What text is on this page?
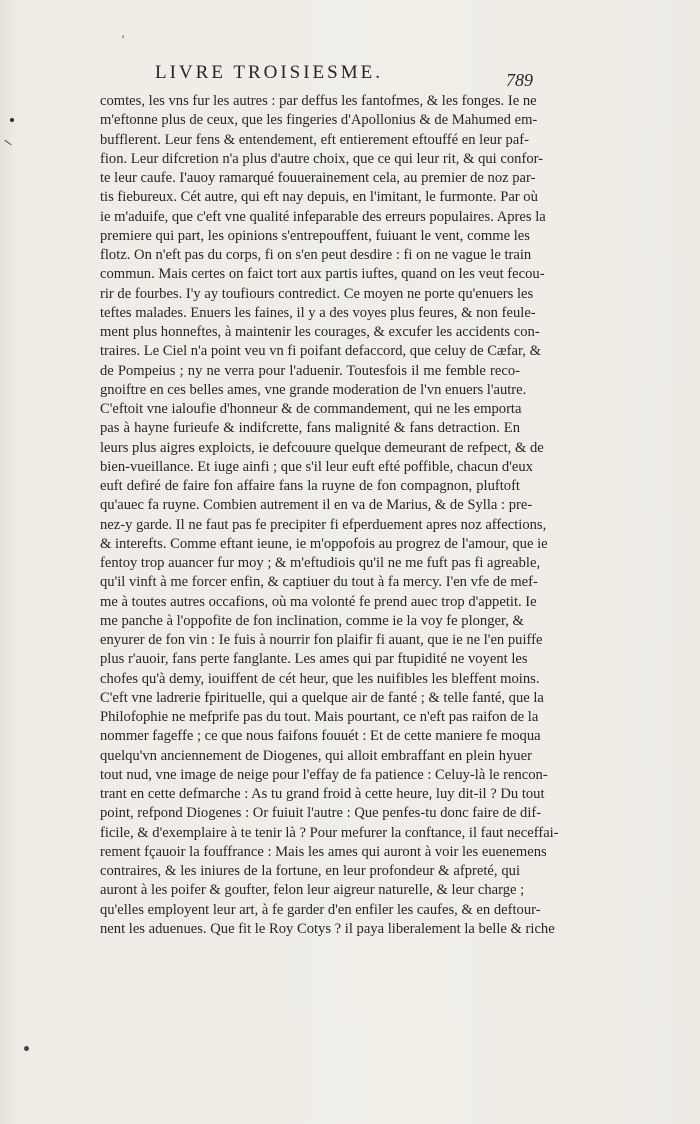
'
LIVRE TROISIESME.	789
comtes, les vns fur les autres : par deffus les fantofmes, & les fonges. Ie ne
m'eftonne plus de ceux, que les fingeries d'Apollonius & de Mahumed em-
bufflerent. Leur fens & entendement, eft entierement eftouffé en leur paf-
fion. Leur difcretion n'a plus d'autre choix, que ce qui leur rit, & qui confor-
te leur caufe. I'auoy ramarqué fouuerainement cela, au premier de noz par-
tis fiebureux. Cét autre, qui eft nay depuis, en l'imitant, le furmonte. Par où
ie m'aduife, que c'eft vne qualité infeparable des erreurs populaires. Apres la
premiere qui part, les opinions s'entrepouffent, fuiuant le vent, comme les
flotz. On n'eft pas du corps, fi on s'en peut desdire : fi on ne vague le train
commun. Mais certes on faict tort aux partis iuftes, quand on les veut fecou-
rir de fourbes. I'y ay toufiours contredict. Ce moyen ne porte qu'enuers les
teftes malades. Enuers les faines, il y a des voyes plus feures, & non feule-
ment plus honneftes, à maintenir les courages, & excufer les accidents con-
traires. Le Ciel n'a point veu vn fi poifant defaccord, que celuy de Cæfar, &
de Pompeius ; ny ne verra pour l'aduenir. Toutesfois il me femble reco-
gnoiftre en ces belles ames, vne grande moderation de l'vn enuers l'autre.
C'eftoit vne ialoufie d'honneur & de commandement, qui ne les emporta
pas à hayne furieufe & indifcrette, fans malignité & fans detraction. En
leurs plus aigres exploicts, ie defcouure quelque demeurant de refpect, & de
bien-vueillance. Et iuge ainfi ; que s'il leur euft efté poffible, chacun d'eux
euft defiré de faire fon affaire fans la ruyne de fon compagnon, pluftoft
qu'auec fa ruyne. Combien autrement il en va de Marius, & de Sylla : pre-
nez-y garde. Il ne faut pas fe precipiter fi efperduement apres noz affections,
& interefts. Comme eftant ieune, ie m'oppofois au progrez de l'amour, que ie
fentoy trop auancer fur moy ; & m'eftudiois qu'il ne me fuft pas fi agreable,
qu'il vinft à me forcer enfin, & captiuer du tout à fa mercy. I'en vfe de mef-
me à toutes autres occafions, où ma volonté fe prend auec trop d'appetit. Ie
me panche à l'oppofite de fon inclination, comme ie la voy fe plonger, &
enyurer de fon vin : Ie fuis à nourrir fon plaifir fi auant, que ie ne l'en puiffe
plus r'auoir, fans perte fanglante. Les ames qui par ftupidité ne voyent les
chofes qu'à demy, iouiffent de cét heur, que les nuifibles les bleffent moins.
C'eft vne ladrerie fpirituelle, qui a quelque air de fanté ; & telle fanté, que la
Philofophie ne mefprife pas du tout. Mais pourtant, ce n'eft pas raifon de la
nommer fageffe ; ce que nous faifons fouuét : Et de cette maniere fe moqua
quelqu'vn anciennement de Diogenes, qui alloit embraffant en plein hyuer
tout nud, vne image de neige pour l'effay de fa patience : Celuy-là le rencon-
trant en cette defmarche : As tu grand froid à cette heure, luy dit-il ? Du tout
point, refpond Diogenes : Or fuiuit l'autre : Que penfes-tu donc faire de dif-
ficile, & d'exemplaire à te tenir là ? Pour mefurer la conftance, il faut neceffai-
rement fçauoir la fouffrance : Mais les ames qui auront à voir les euenemens
contraires, & les iniures de la fortune, en leur profondeur & afpreté, qui
auront à les poifer & goufter, felon leur aigreur naturelle, & leur charge ;
qu'elles employent leur art, à fe garder d'en enfiler les caufes, & en deftour-
nent les aduenues. Que fit le Roy Cotys ? il paya liberalement la belle & riche
